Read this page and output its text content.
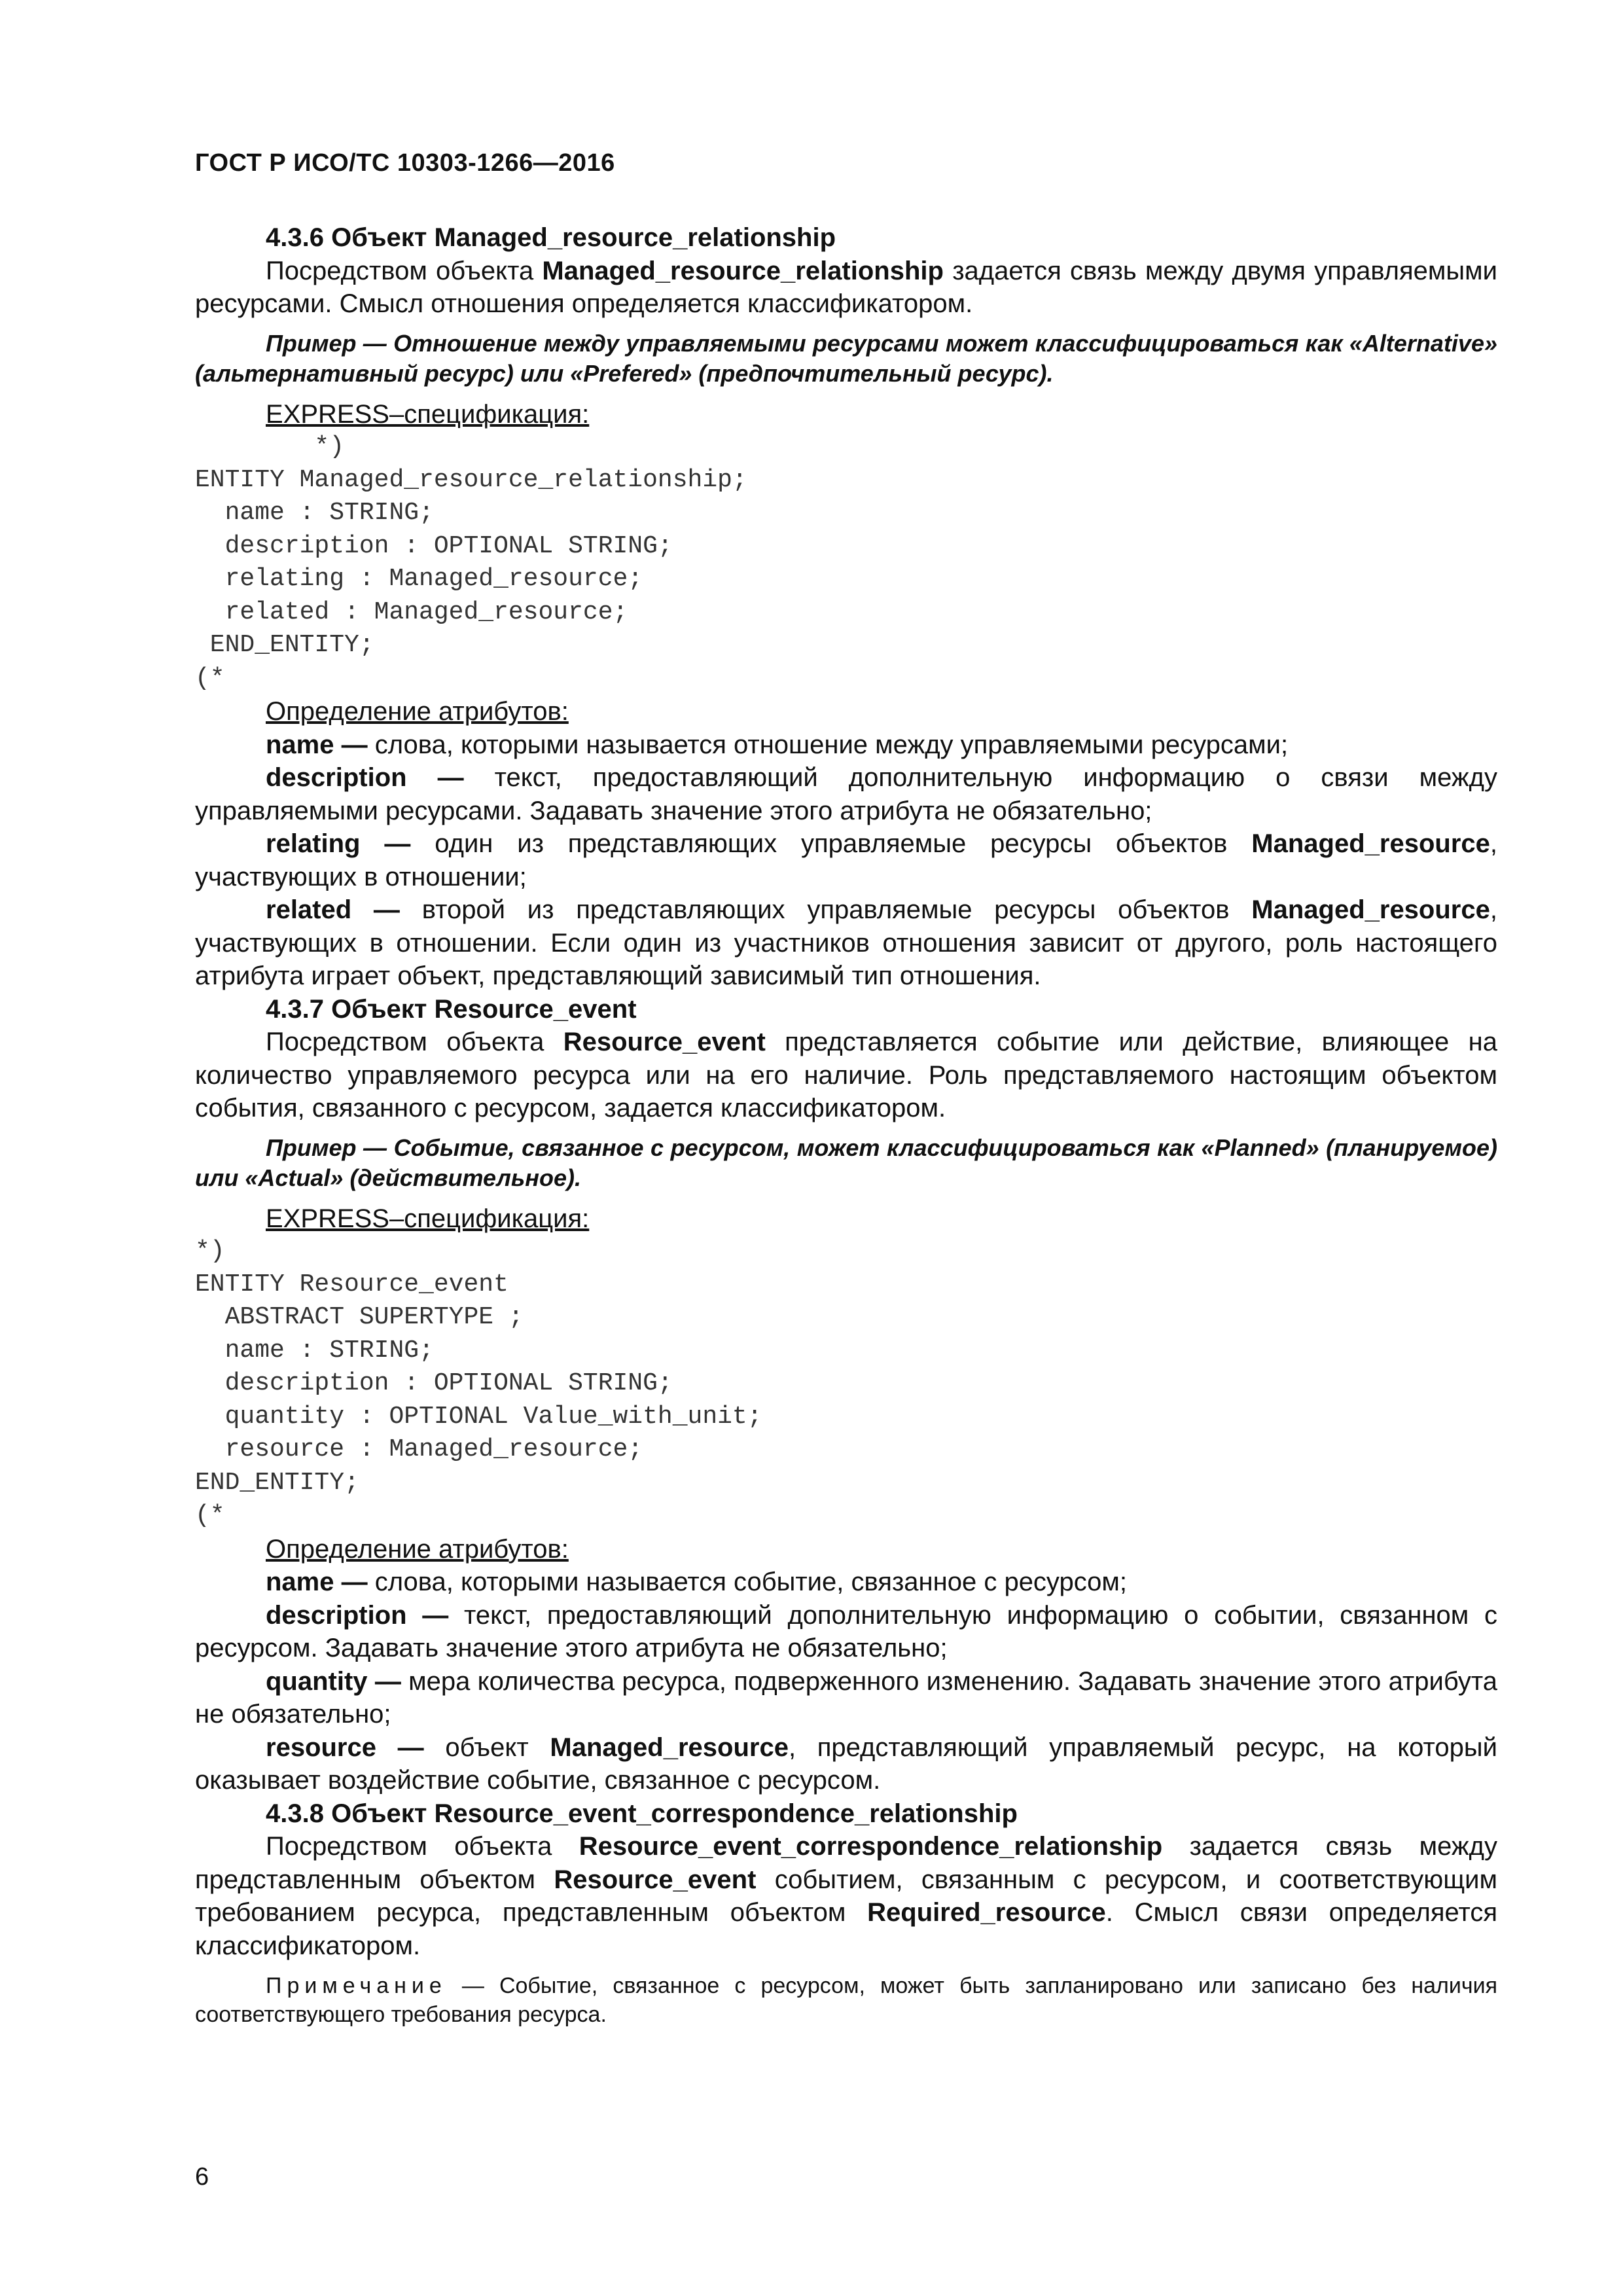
ГОСТ Р ИСО/ТС 10303-1266—2016

4.3.6 Объект Managed_resource_relationship

Посредством объекта Managed_resource_relationship задается связь между двумя управляемыми ресурсами. Смысл отношения определяется классификатором.

Пример — Отношение между управляемыми ресурсами может классифицироваться как «Alternative» (альтернативный ресурс) или «Prefered» (предпочтительный ресурс).

EXPRESS–спецификация:

*)
ENTITY Managed_resource_relationship;
name : STRING;
description : OPTIONAL STRING;
relating : Managed_resource;
related : Managed_resource;
END_ENTITY;
(*

Определение атрибутов:

name — слова, которыми называется отношение между управляемыми ресурсами;

description — текст, предоставляющий дополнительную информацию о связи между управляемыми ресурсами. Задавать значение этого атрибута не обязательно;

relating — один из представляющих управляемые ресурсы объектов Managed_resource, участвующих в отношении;

related — второй из представляющих управляемые ресурсы объектов Managed_resource, участвующих в отношении. Если один из участников отношения зависит от другого, роль настоящего атрибута играет объект, представляющий зависимый тип отношения.

4.3.7 Объект Resource_event

Посредством объекта Resource_event представляется событие или действие, влияющее на количество управляемого ресурса или на его наличие. Роль представляемого настоящим объектом события, связанного с ресурсом, задается классификатором.

Пример — Событие, связанное с ресурсом, может классифицироваться как «Planned» (планируемое) или «Actual» (действительное).

EXPRESS–спецификация:

*)
ENTITY Resource_event
ABSTRACT SUPERTYPE ;
name : STRING;
description : OPTIONAL STRING;
quantity : OPTIONAL Value_with_unit;
resource : Managed_resource;
END_ENTITY;
(*

Определение атрибутов:

name — слова, которыми называется событие, связанное с ресурсом;

description — текст, предоставляющий дополнительную информацию о событии, связанном с ресурсом. Задавать значение этого атрибута не обязательно;

quantity — мера количества ресурса, подверженного изменению. Задавать значение этого атрибута не обязательно;

resource — объект Managed_resource, представляющий управляемый ресурс, на который оказывает воздействие событие, связанное с ресурсом.

4.3.8 Объект Resource_event_correspondence_relationship

Посредством объекта Resource_event_correspondence_relationship задается связь между представленным объектом Resource_event событием, связанным с ресурсом, и соответствующим требованием ресурса, представленным объектом Required_resource. Смысл связи определяется классификатором.

Примечание — Событие, связанное с ресурсом, может быть запланировано или записано без наличия соответствующего требования ресурса.

6
